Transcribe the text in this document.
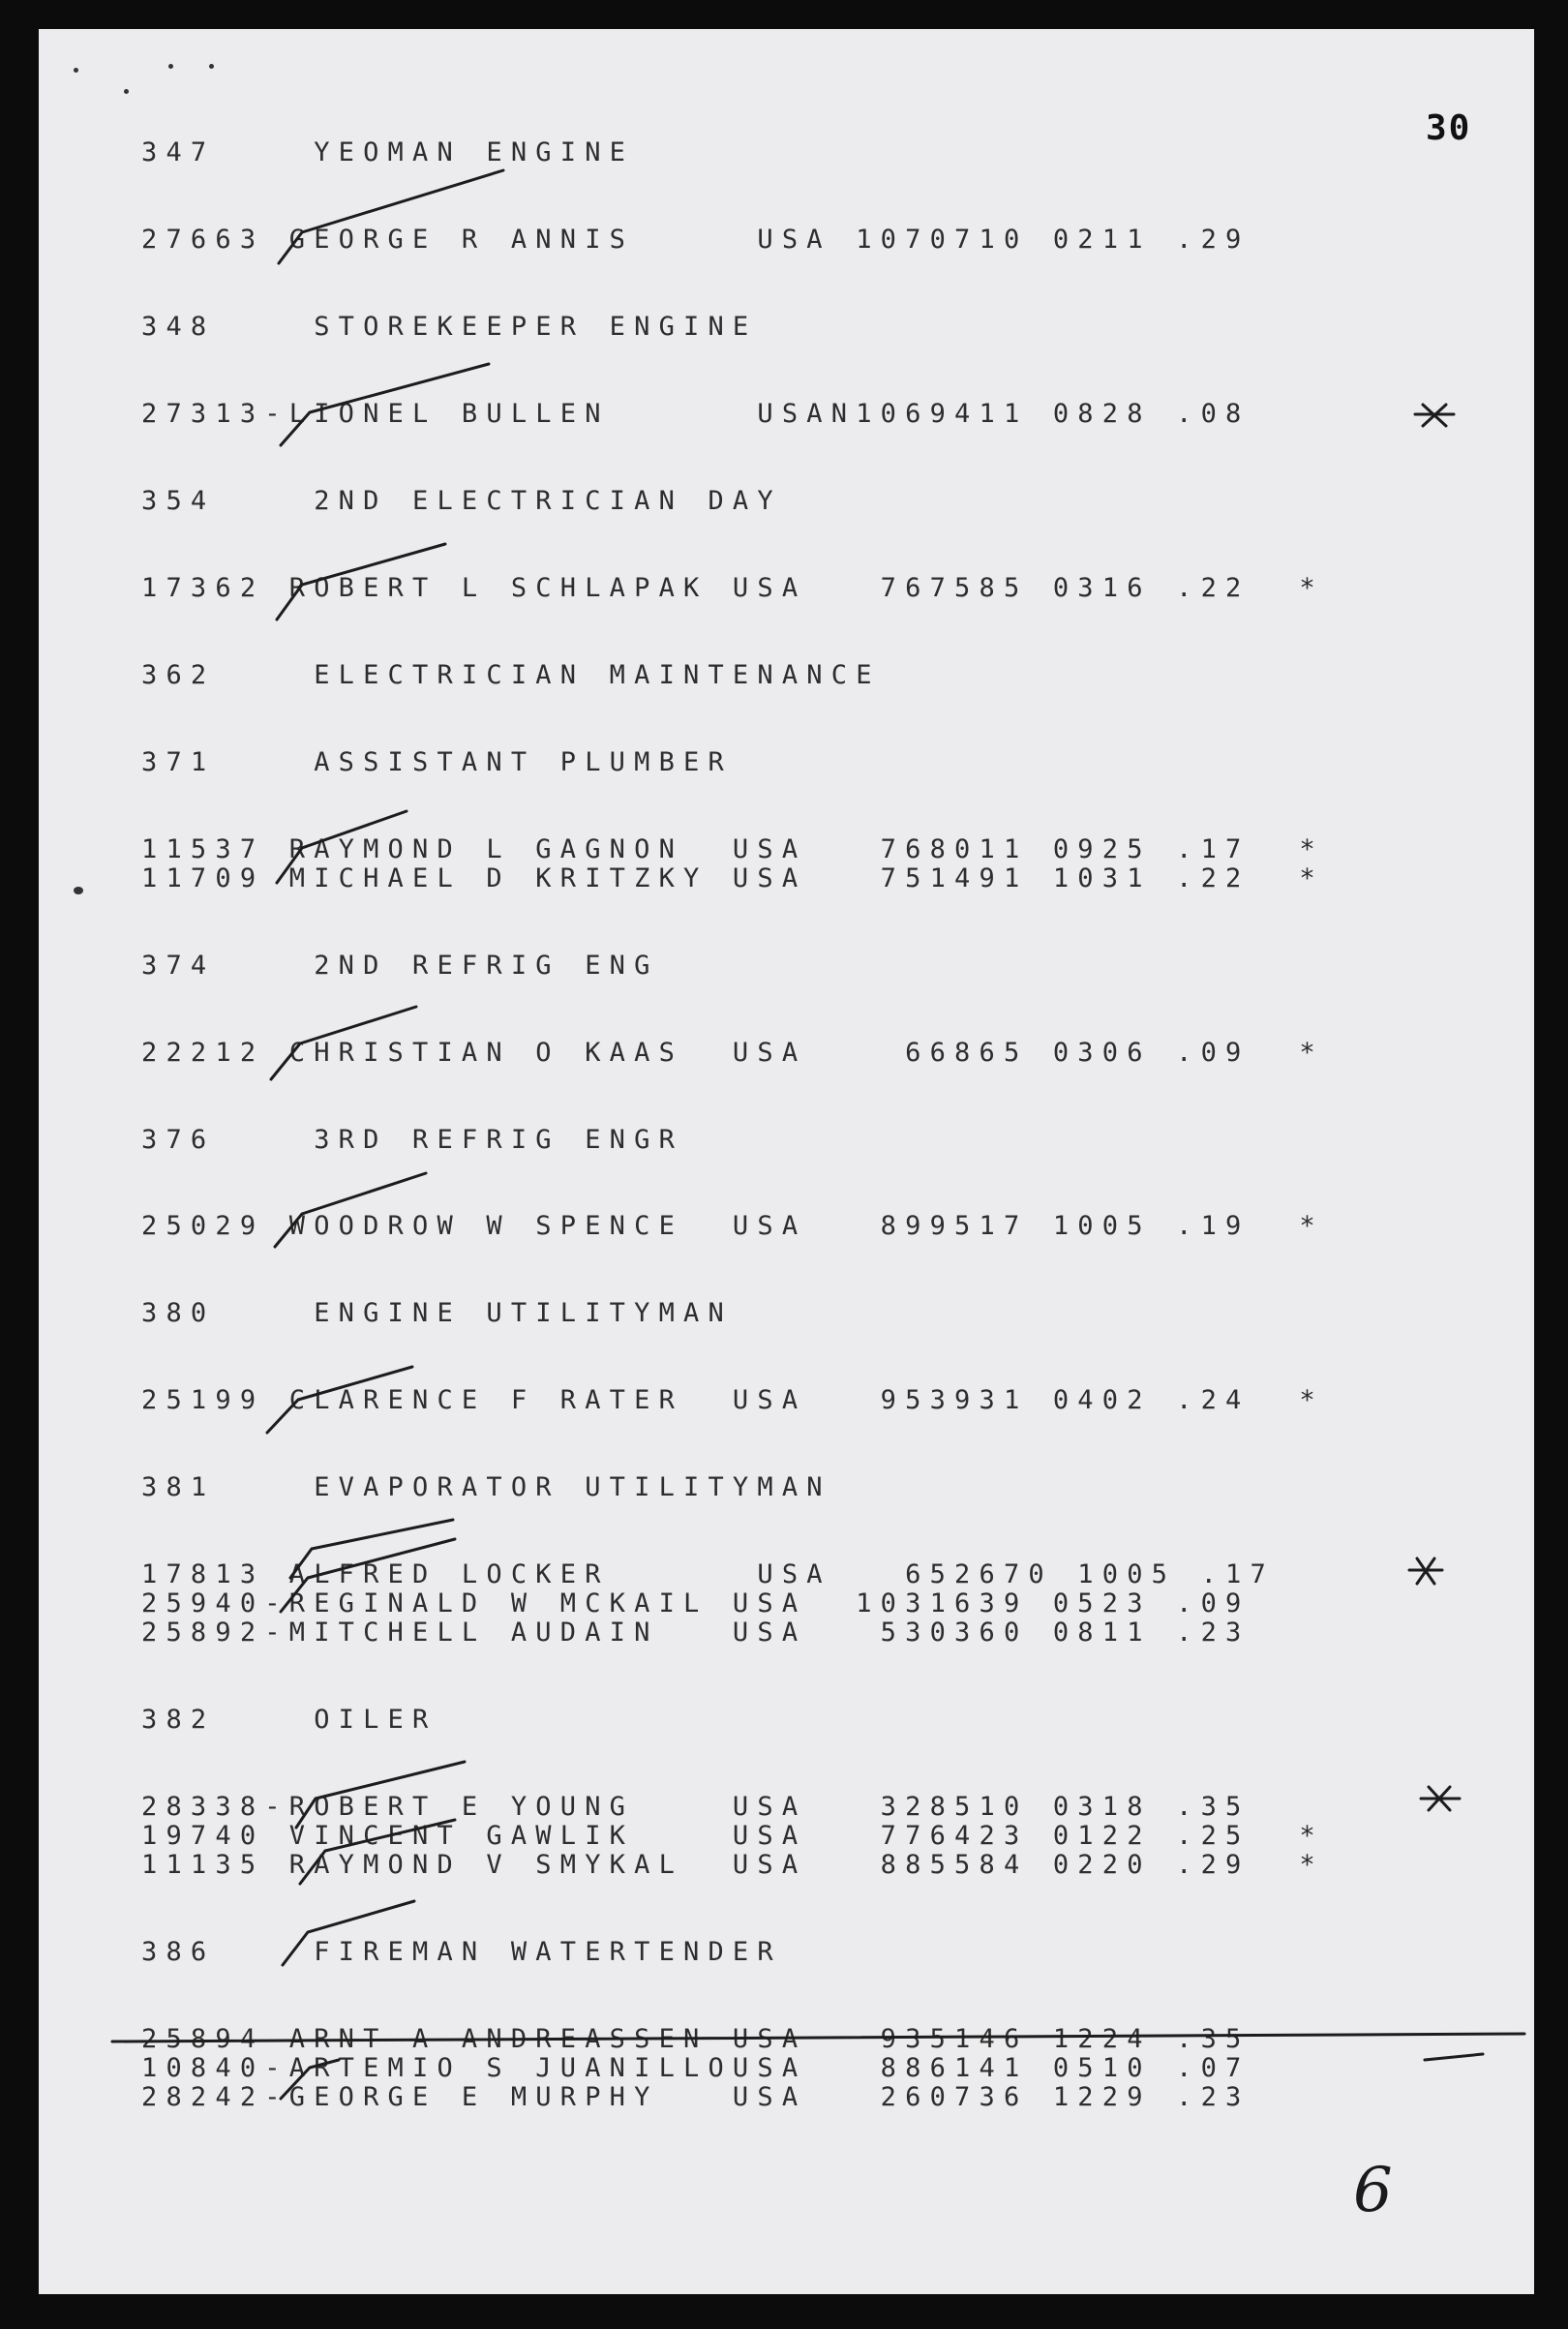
30
347    YEOMAN ENGINE
27663 GEORGE R ANNIS     USA 1070710 0211 .29
348    STOREKEEPER ENGINE
27313-LIONEL BULLEN      USAN1069411 0828 .08
354    2ND ELECTRICIAN DAY
17362 ROBERT L SCHLAPAK USA   767585 0316 .22  *
362    ELECTRICIAN MAINTENANCE
371    ASSISTANT PLUMBER
11537 RAYMOND L GAGNON  USA   768011 0925 .17  *
11709 MICHAEL D KRITZKY USA   751491 1031 .22  *
374    2ND REFRIG ENG
22212 CHRISTIAN O KAAS  USA    66865 0306 .09  *
376    3RD REFRIG ENGR
25029 WOODROW W SPENCE  USA   899517 1005 .19  *
380    ENGINE UTILITYMAN
25199 CLARENCE F RATER  USA   953931 0402 .24  *
381    EVAPORATOR UTILITYMAN
17813 ALFRED LOCKER      USA   652670 1005 .17
25940-REGINALD W MCKAIL USA  1031639 0523 .09
25892-MITCHELL AUDAIN   USA   530360 0811 .23
382    OILER
28338-ROBERT E YOUNG    USA   328510 0318 .35
19740 VINCENT GAWLIK    USA   776423 0122 .25  *
11135 RAYMOND V SMYKAL  USA   885584 0220 .29  *
386    FIREMAN WATERTENDER
25894 ARNT A ANDREASSEN USA   935146 1224 .35
10840-ARTEMIO S JUANILLOUSA   886141 0510 .07
28242-GEORGE E MURPHY   USA   260736 1229 .23
6
